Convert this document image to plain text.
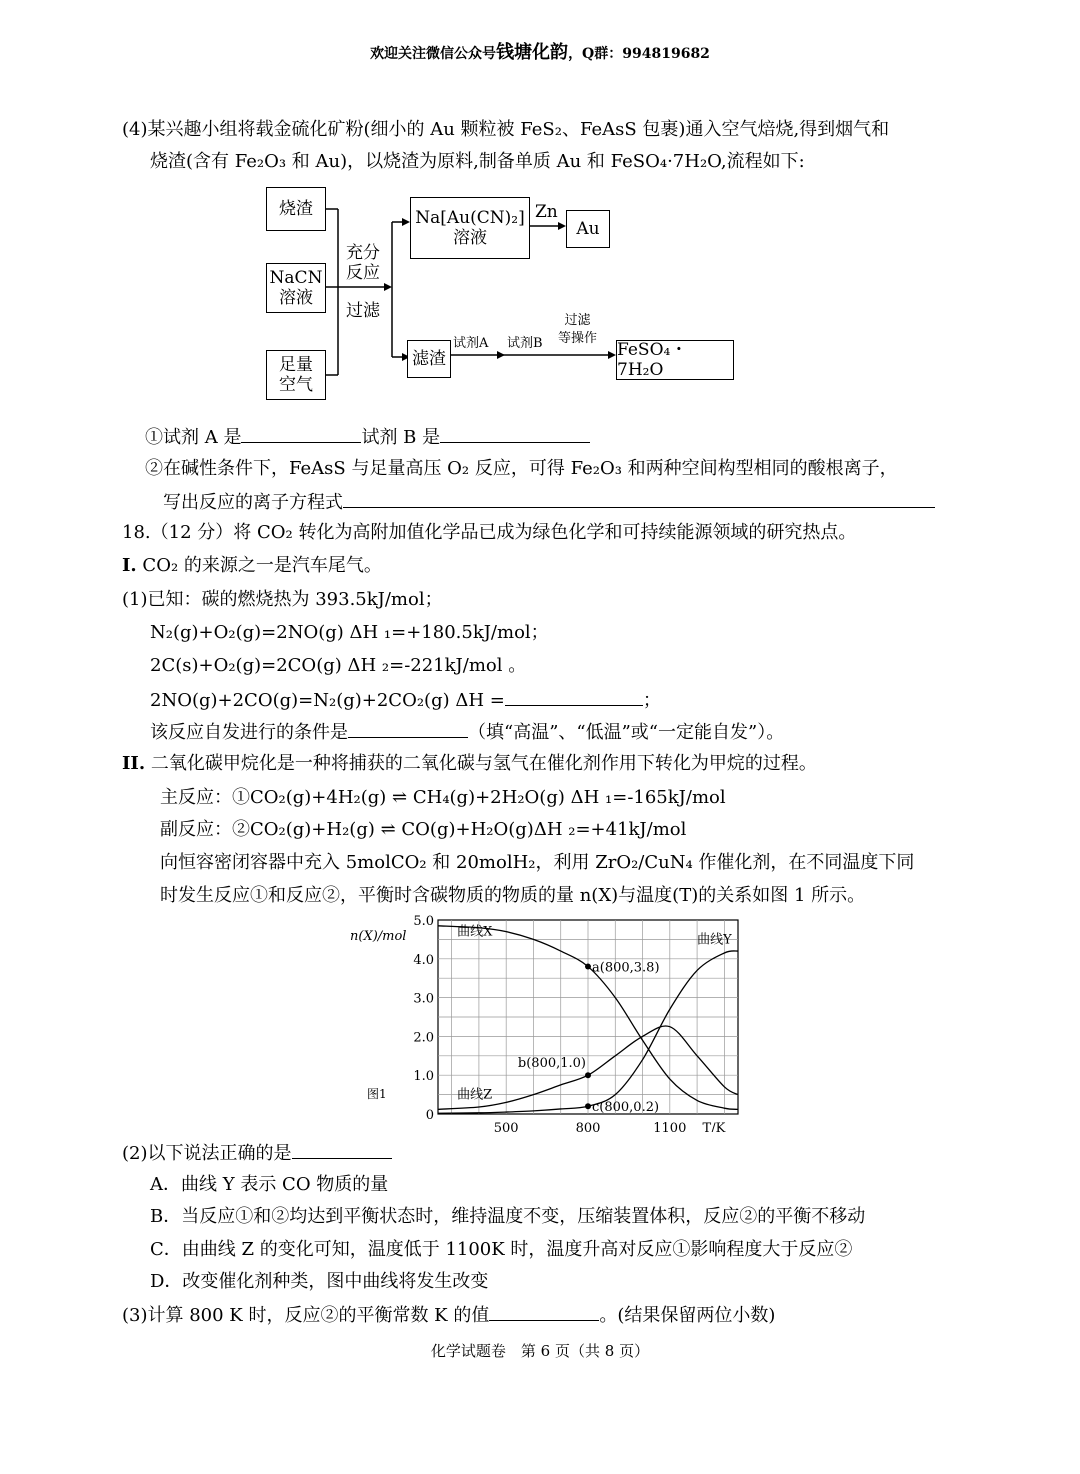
欢迎关注微信公众号钱塘化韵，Q群：994819682
(4)某兴趣小组将载金硫化矿粉(细小的 Au 颗粒被 FeS₂、FeAsS 包裹)通入空气焙烧,得到烟气和
烧渣(含有 Fe₂O₃ 和 Au)，以烧渣为原料,制备单质 Au 和 FeSO₄·7H₂O,流程如下:
烧渣
NaCN
溶液
足量
空气
充分
反应
过滤
Na[Au(CN)₂]
溶液
Zn
Au
滤渣
试剂A 试剂B
过滤
等操作
FeSO₄・7H₂O
①试剂 A 是	试剂 B 是
②在碱性条件下，FeAsS 与足量高压 O₂ 反应，可得 Fe₂O₃ 和两种空间构型相同的酸根离子，
写出反应的离子方程式
18.（12 分）将 CO₂ 转化为高附加值化学品已成为绿色化学和可持续能源领域的研究热点。
I. CO₂ 的来源之一是汽车尾气。
(1)已知：碳的燃烧热为 393.5kJ/mol；
N₂(g)+O₂(g)=2NO(g) ΔH ₁=+180.5kJ/mol；
2C(s)+O₂(g)=2CO(g) ΔH ₂=-221kJ/mol 。
2NO(g)+2CO(g)=N₂(g)+2CO₂(g) ΔH =	；
该反应自发进行的条件是	（填“高温”、“低温”或“一定能自发”）。
II. 二氧化碳甲烷化是一种将捕获的二氧化碳与氢气在催化剂作用下转化为甲烷的过程。
主反应：①CO₂(g)+4H₂(g) ⇌ CH₄(g)+2H₂O(g) ΔH ₁=-165kJ/mol
副反应：②CO₂(g)+H₂(g) ⇌ CO(g)+H₂O(g)ΔH ₂=+41kJ/mol
向恒容密闭容器中充入 5molCO₂ 和 20molH₂，利用 ZrO₂/CuN₄ 作催化剂，在不同温度下同
时发生反应①和反应②，平衡时含碳物质的物质的量 n(X)与温度(T)的关系如图 1 所示。
0
1.0
2.0
3.0
4.0
5.0
500	800	1100
n(X)/mol
T/K
图1
曲线X
曲线Y
曲线Z
a(800,3.8)
b(800,1.0)
c(800,0.2)
(2)以下说法正确的是
A．曲线 Y 表示 CO 物质的量
B．当反应①和②均达到平衡状态时，维持温度不变，压缩装置体积，反应②的平衡不移动
C．由曲线 Z 的变化可知，温度低于 1100K 时，温度升高对反应①影响程度大于反应②
D．改变催化剂种类，图中曲线将发生改变
(3)计算 800 K 时，反应②的平衡常数 K 的值	。(结果保留两位小数)
化学试题卷　第 6 页（共 8 页）
